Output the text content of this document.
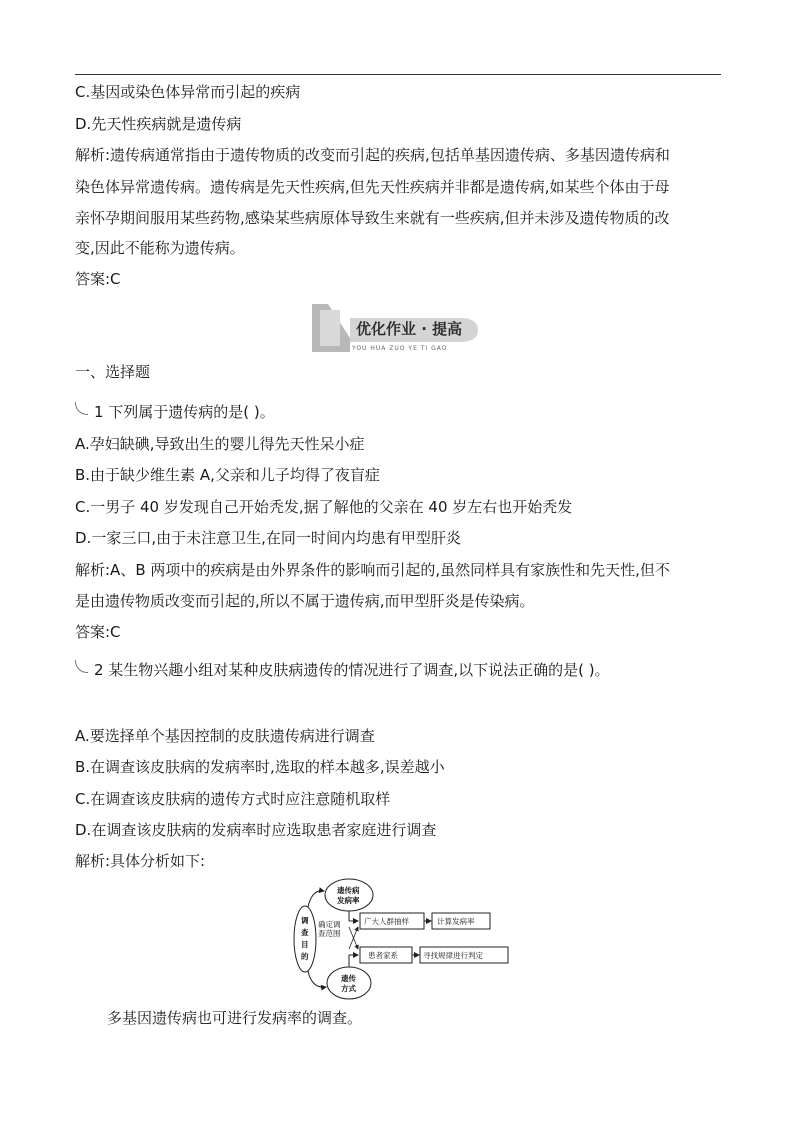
C.基因或染色体异常而引起的疾病
D.先天性疾病就是遗传病
解析:遗传病通常指由于遗传物质的改变而引起的疾病,包括单基因遗传病、多基因遗传病和
染色体异常遗传病。遗传病是先天性疾病,但先天性疾病并非都是遗传病,如某些个体由于母
亲怀孕期间服用某些药物,感染某些病原体导致生来就有一些疾病,但并未涉及遗传物质的改
变,因此不能称为遗传病。
答案:C
优化作业 · 提高
YOU HUA ZUO YE TI GAO
一、选择题
1 下列属于遗传病的是( )。
A.孕妇缺碘,导致出生的婴儿得先天性呆小症
B.由于缺少维生素 A,父亲和儿子均得了夜盲症
C.一男子 40 岁发现自己开始秃发,据了解他的父亲在 40 岁左右也开始秃发
D.一家三口,由于未注意卫生,在同一时间内均患有甲型肝炎
解析:A、B 两项中的疾病是由外界条件的影响而引起的,虽然同样具有家族性和先天性,但不
是由遗传物质改变而引起的,所以不属于遗传病,而甲型肝炎是传染病。
答案:C
2 某生物兴趣小组对某种皮肤病遗传的情况进行了调查,以下说法正确的是( )。
A.要选择单个基因控制的皮肤遗传病进行调查
B.在调查该皮肤病的发病率时,选取的样本越多,误差越小
C.在调查该皮肤病的遗传方式时应注意随机取样
D.在调查该皮肤病的发病率时应选取患者家庭进行调查
解析:具体分析如下:
调
查
目
的
遗传病
发病率
遗传
方式
确定调
查范围
广大人群抽样	计算发病率
患者家系	寻找规律进行判定
多基因遗传病也可进行发病率的调查。
